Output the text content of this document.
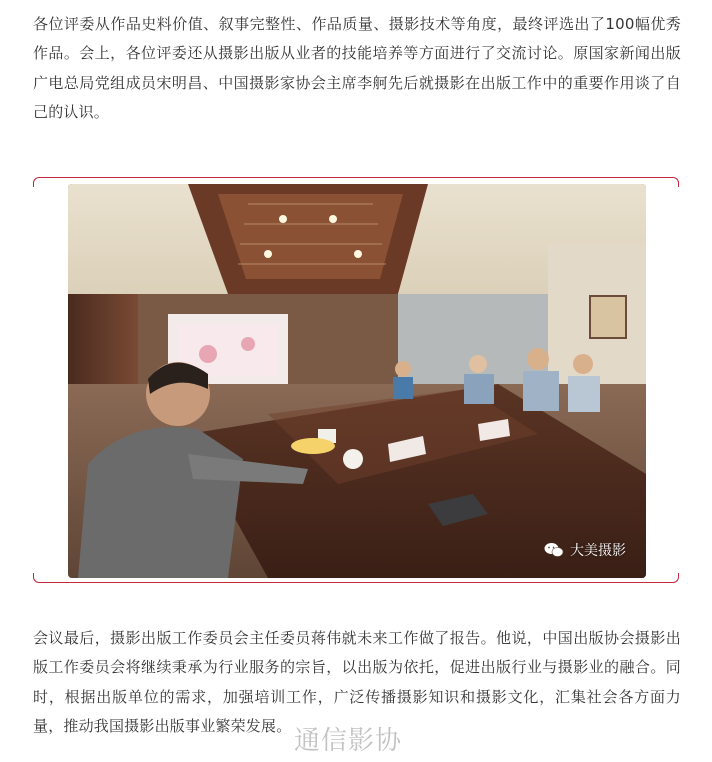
各位评委从作品史料价值、叙事完整性、作品质量、摄影技术等角度，最终评选出了100幅优秀作品。会上，各位评委还从摄影出版从业者的技能培养等方面进行了交流讨论。原国家新闻出版广电总局党组成员宋明昌、中国摄影家协会主席李舸先后就摄影在出版工作中的重要作用谈了自己的认识。

大美摄影

会议最后，摄影出版工作委员会主任委员蒋伟就未来工作做了报告。他说，中国出版协会摄影出版工作委员会将继续秉承为行业服务的宗旨，以出版为依托，促进出版行业与摄影业的融合。同时，根据出版单位的需求，加强培训工作，广泛传播摄影知识和摄影文化，汇集社会各方面力量，推动我国摄影出版事业繁荣发展。

通信影协
